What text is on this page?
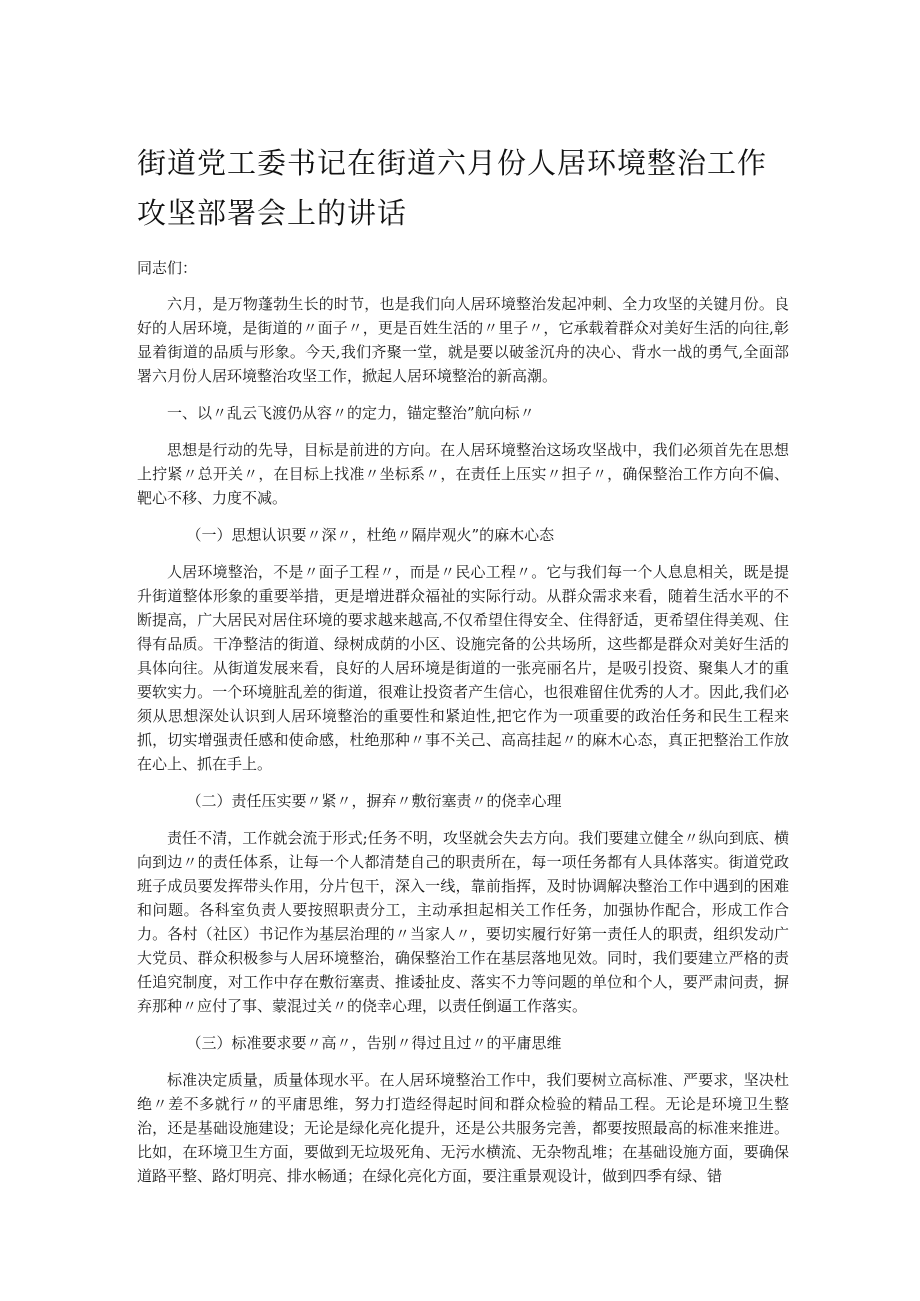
街道党工委书记在街道六月份人居环境整治工作攻坚部署会上的讲话

同志们：

六月，是万物蓬勃生长的时节，也是我们向人居环境整治发起冲刺、全力攻坚的关键月份。良好的人居环境，是街道的〃面子〃，更是百姓生活的〃里子〃，它承载着群众对美好生活的向往,彰显着街道的品质与形象。今天,我们齐聚一堂，就是要以破釜沉舟的决心、背水一战的勇气,全面部署六月份人居环境整治攻坚工作，掀起人居环境整治的新高潮。

一、以〃乱云飞渡仍从容〃的定力，锚定整治”航向标〃

思想是行动的先导，目标是前进的方向。在人居环境整治这场攻坚战中，我们必须首先在思想上拧紧〃总开关〃，在目标上找准〃坐标系〃，在责任上压实〃担子〃，确保整治工作方向不偏、靶心不移、力度不减。

（一）思想认识要〃深〃，杜绝〃隔岸观火”的麻木心态

人居环境整治，不是〃面子工程〃，而是〃民心工程〃。它与我们每一个人息息相关，既是提升街道整体形象的重要举措，更是增进群众福祉的实际行动。从群众需求来看，随着生活水平的不断提高，广大居民对居住环境的要求越来越高,不仅希望住得安全、住得舒适，更希望住得美观、住得有品质。干净整洁的街道、绿树成荫的小区、设施完备的公共场所，这些都是群众对美好生活的具体向往。从街道发展来看，良好的人居环境是街道的一张亮丽名片，是吸引投资、聚集人才的重要软实力。一个环境脏乱差的街道，很难让投资者产生信心，也很难留住优秀的人才。因此,我们必须从思想深处认识到人居环境整治的重要性和紧迫性,把它作为一项重要的政治任务和民生工程来抓，切实增强责任感和使命感，杜绝那种〃事不关己、高高挂起〃的麻木心态，真正把整治工作放在心上、抓在手上。

（二）责任压实要〃紧〃，摒弃〃敷衍塞责〃的侥幸心理

责任不清，工作就会流于形式;任务不明，攻坚就会失去方向。我们要建立健全〃纵向到底、横向到边〃的责任体系，让每一个人都清楚自己的职责所在，每一项任务都有人具体落实。街道党政班子成员要发挥带头作用，分片包干，深入一线，靠前指挥，及时协调解决整治工作中遇到的困难和问题。各科室负责人要按照职责分工，主动承担起相关工作任务，加强协作配合，形成工作合力。各村（社区）书记作为基层治理的〃当家人〃，要切实履行好第一责任人的职责，组织发动广大党员、群众积极参与人居环境整治，确保整治工作在基层落地见效。同时，我们要建立严格的责任追究制度，对工作中存在敷衍塞责、推诿扯皮、落实不力等问题的单位和个人，要严肃问责，摒弃那种〃应付了事、蒙混过关〃的侥幸心理，以责任倒逼工作落实。

（三）标准要求要〃高〃，告别〃得过且过〃的平庸思维

标准决定质量，质量体现水平。在人居环境整治工作中，我们要树立高标准、严要求，坚决杜绝〃差不多就行〃的平庸思维，努力打造经得起时间和群众检验的精品工程。无论是环境卫生整治，还是基础设施建设；无论是绿化亮化提升，还是公共服务完善，都要按照最高的标准来推进。比如，在环境卫生方面，要做到无垃圾死角、无污水横流、无杂物乱堆；在基础设施方面，要确保道路平整、路灯明亮、排水畅通；在绿化亮化方面，要注重景观设计，做到四季有绿、错
